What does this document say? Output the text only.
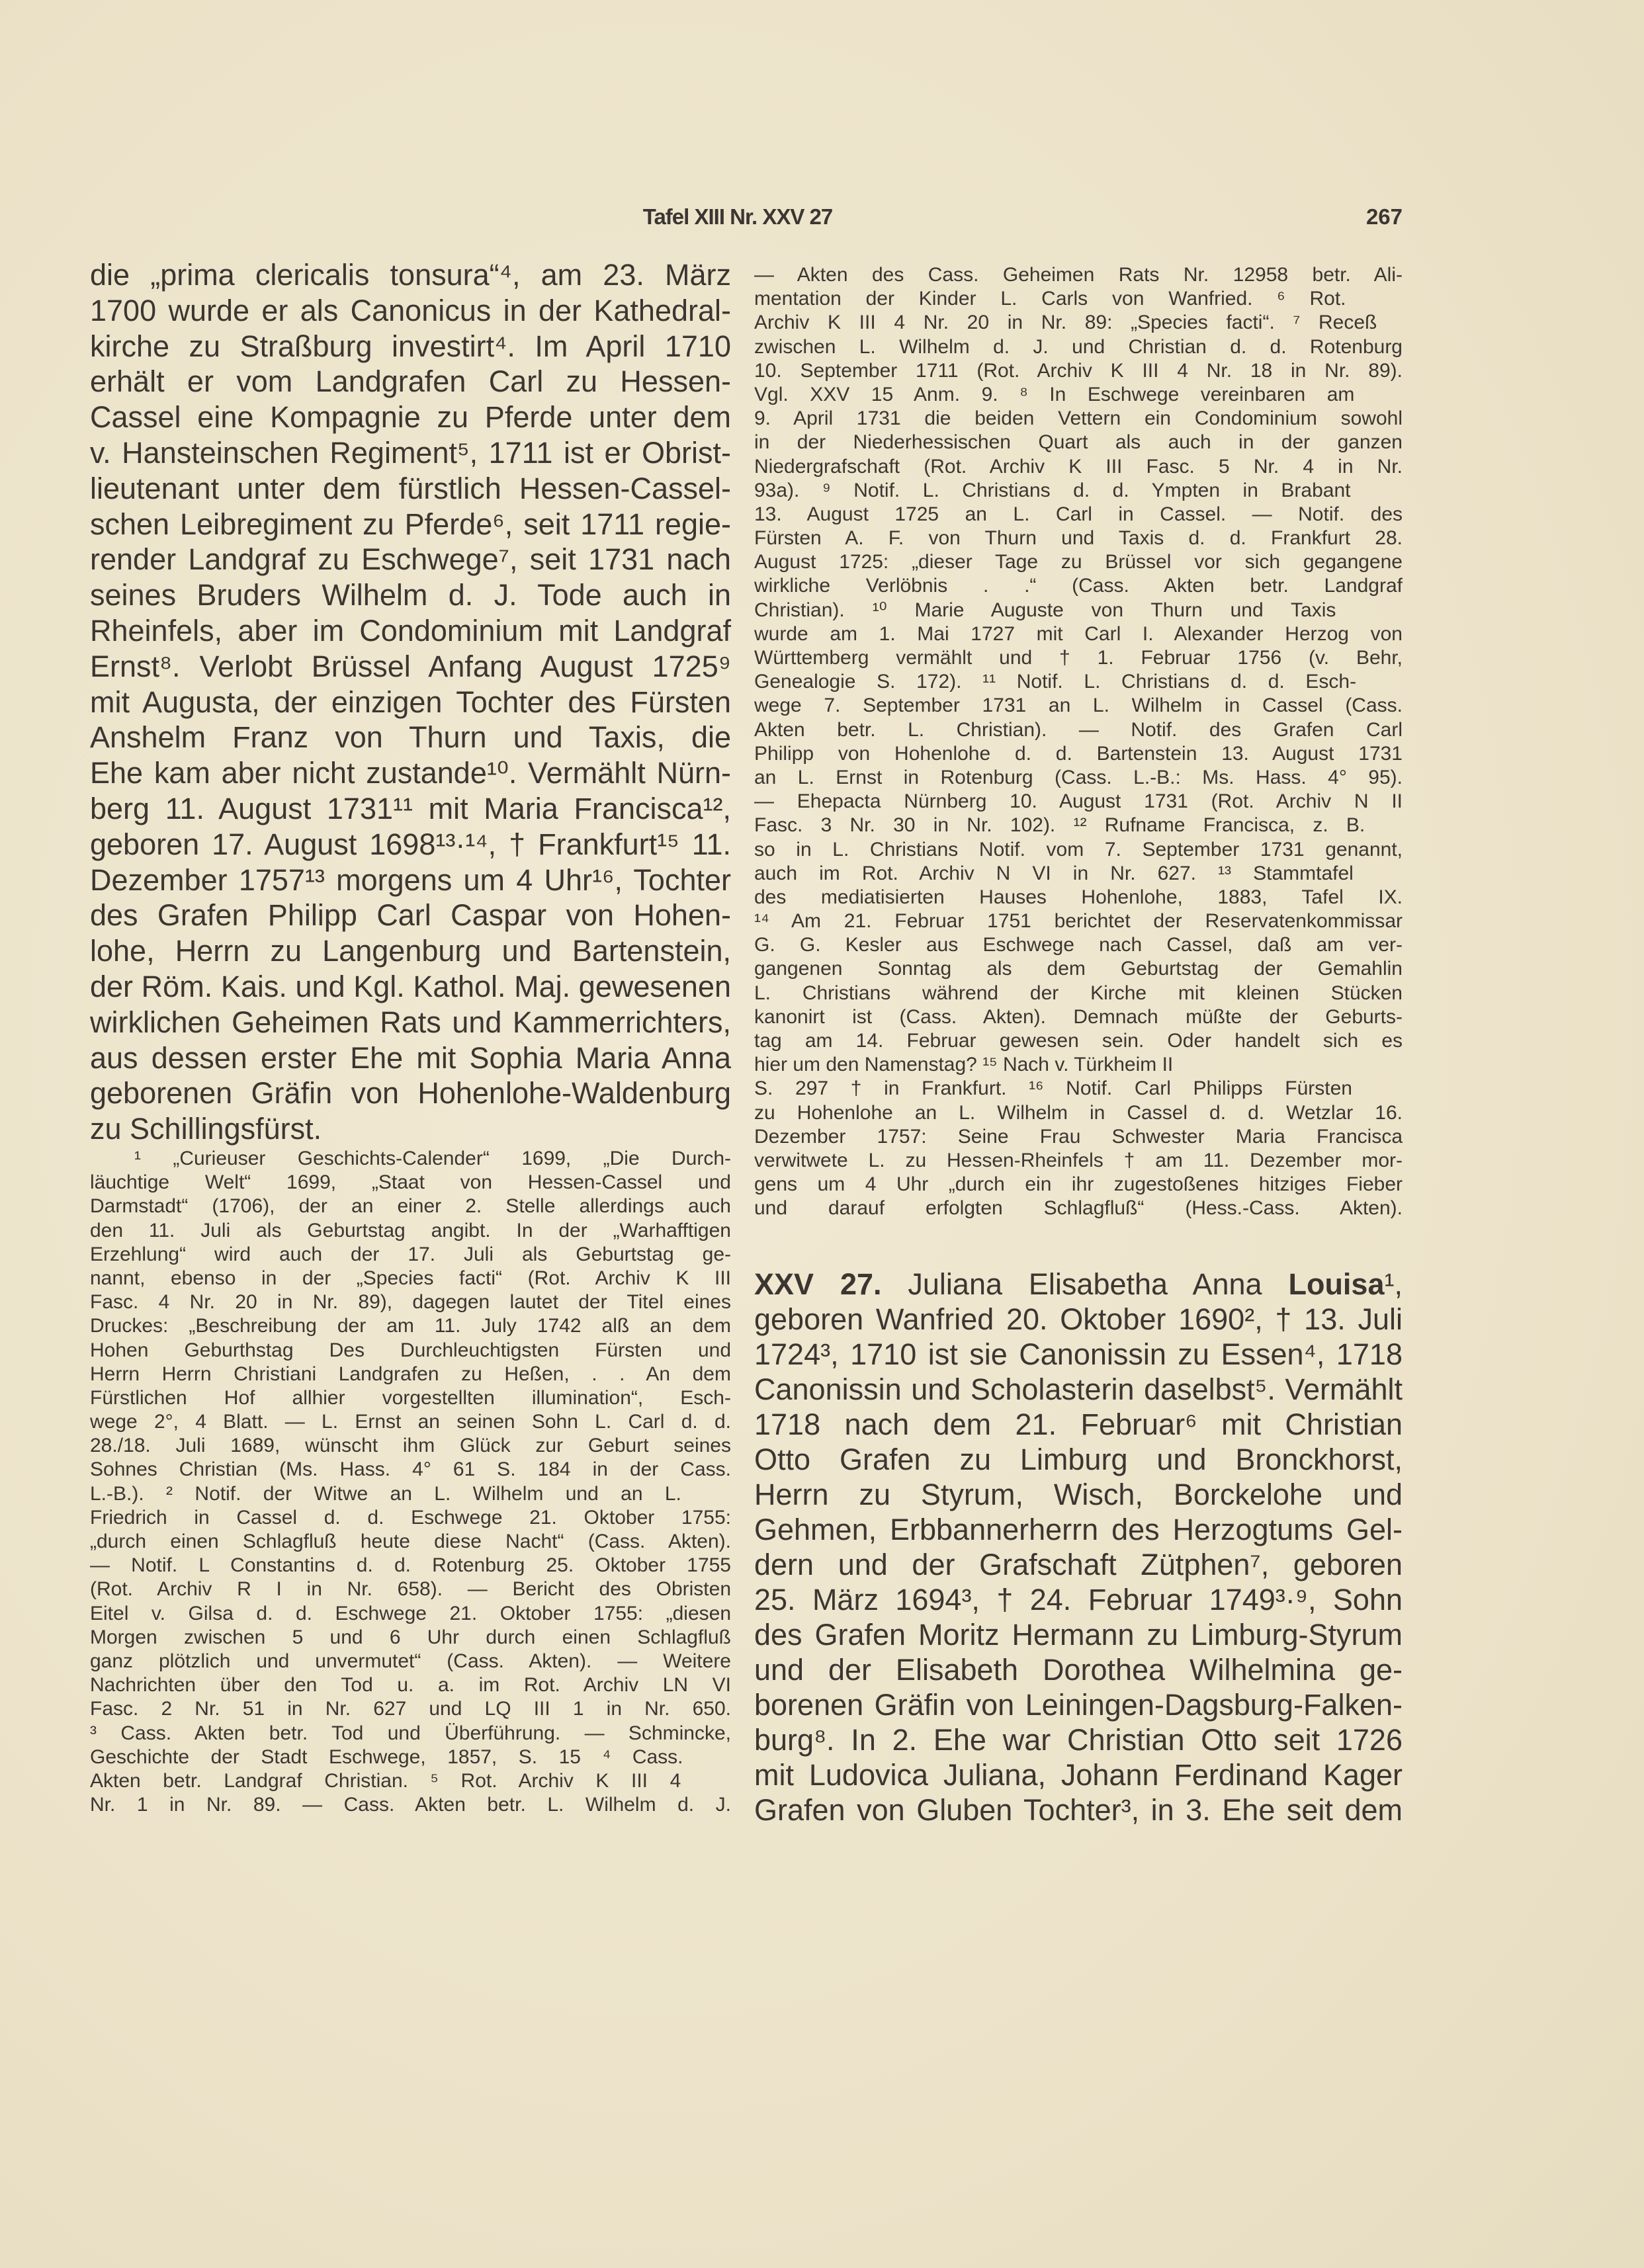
Tafel XIII Nr. XXV 27	267
die „prima clericalis tonsura“⁴, am 23. März
1700 wurde er als Canonicus in der Kathedral-
kirche zu Straßburg investirt⁴. Im April 1710
erhält er vom Landgrafen Carl zu Hessen-
Cassel eine Kompagnie zu Pferde unter dem
v. Hansteinschen Regiment⁵, 1711 ist er Obrist-
lieutenant unter dem fürstlich Hessen-Cassel-
schen Leibregiment zu Pferde⁶, seit 1711 regie-
render Landgraf zu Eschwege⁷, seit 1731 nach
seines Bruders Wilhelm d. J. Tode auch in
Rheinfels, aber im Condominium mit Landgraf
Ernst⁸. Verlobt Brüssel Anfang August 1725⁹
mit Augusta, der einzigen Tochter des Fürsten
Anshelm Franz von Thurn und Taxis, die
Ehe kam aber nicht zustande¹⁰. Vermählt Nürn-
berg 11. August 1731¹¹ mit Maria Francisca¹²,
geboren 17. August 1698¹³·¹⁴, † Frankfurt¹⁵ 11.
Dezember 1757¹³ morgens um 4 Uhr¹⁶, Tochter
des Grafen Philipp Carl Caspar von Hohen-
lohe, Herrn zu Langenburg und Bartenstein,
der Röm. Kais. und Kgl. Kathol. Maj. gewesenen
wirklichen Geheimen Rats und Kammerrichters,
aus dessen erster Ehe mit Sophia Maria Anna
geborenen Gräfin von Hohenlohe-Waldenburg
zu Schillingsfürst.
¹ „Curieuser Geschichts-Calender“ 1699, „Die Durch-
läuchtige Welt“ 1699, „Staat von Hessen-Cassel und
Darmstadt“ (1706), der an einer 2. Stelle allerdings auch
den 11. Juli als Geburtstag angibt. In der „Warhafftigen
Erzehlung“ wird auch der 17. Juli als Geburtstag ge-
nannt, ebenso in der „Species facti“ (Rot. Archiv K III
Fasc. 4 Nr. 20 in Nr. 89), dagegen lautet der Titel eines
Druckes: „Beschreibung der am 11. July 1742 alß an dem
Hohen Geburthstag Des Durchleuchtigsten Fürsten und
Herrn Herrn Christiani Landgrafen zu Heßen, . . An dem
Fürstlichen Hof allhier vorgestellten illumination“, Esch-
wege 2°, 4 Blatt. — L. Ernst an seinen Sohn L. Carl d. d.
28./18. Juli 1689, wünscht ihm Glück zur Geburt seines
Sohnes Christian (Ms. Hass. 4° 61 S. 184 in der Cass.
L.-B.). ² Notif. der Witwe an L. Wilhelm und an L.
Friedrich in Cassel d. d. Eschwege 21. Oktober 1755:
„durch einen Schlagfluß heute diese Nacht“ (Cass. Akten).
— Notif. L Constantins d. d. Rotenburg 25. Oktober 1755
(Rot. Archiv R I in Nr. 658). — Bericht des Obristen
Eitel v. Gilsa d. d. Eschwege 21. Oktober 1755: „diesen
Morgen zwischen 5 und 6 Uhr durch einen Schlagfluß
ganz plötzlich und unvermutet“ (Cass. Akten). — Weitere
Nachrichten über den Tod u. a. im Rot. Archiv LN VI
Fasc. 2 Nr. 51 in Nr. 627 und LQ III 1 in Nr. 650.
³ Cass. Akten betr. Tod und Überführung. — Schmincke,
Geschichte der Stadt Eschwege, 1857, S. 15 ⁴ Cass.
Akten betr. Landgraf Christian. ⁵ Rot. Archiv K III 4
Nr. 1 in Nr. 89. — Cass. Akten betr. L. Wilhelm d. J.
— Akten des Cass. Geheimen Rats Nr. 12958 betr. Ali-
mentation der Kinder L. Carls von Wanfried. ⁶ Rot.
Archiv K III 4 Nr. 20 in Nr. 89: „Species facti“. ⁷ Receß
zwischen L. Wilhelm d. J. und Christian d. d. Rotenburg
10. September 1711 (Rot. Archiv K III 4 Nr. 18 in Nr. 89).
Vgl. XXV 15 Anm. 9. ⁸ In Eschwege vereinbaren am
9. April 1731 die beiden Vettern ein Condominium sowohl
in der Niederhessischen Quart als auch in der ganzen
Niedergrafschaft (Rot. Archiv K III Fasc. 5 Nr. 4 in Nr.
93a). ⁹ Notif. L. Christians d. d. Ympten in Brabant
13. August 1725 an L. Carl in Cassel. — Notif. des
Fürsten A. F. von Thurn und Taxis d. d. Frankfurt 28.
August 1725: „dieser Tage zu Brüssel vor sich gegangene
wirkliche Verlöbnis . .“ (Cass. Akten betr. Landgraf
Christian). ¹⁰ Marie Auguste von Thurn und Taxis
wurde am 1. Mai 1727 mit Carl I. Alexander Herzog von
Württemberg vermählt und † 1. Februar 1756 (v. Behr,
Genealogie S. 172). ¹¹ Notif. L. Christians d. d. Esch-
wege 7. September 1731 an L. Wilhelm in Cassel (Cass.
Akten betr. L. Christian). — Notif. des Grafen Carl
Philipp von Hohenlohe d. d. Bartenstein 13. August 1731
an L. Ernst in Rotenburg (Cass. L.-B.: Ms. Hass. 4° 95).
— Ehepacta Nürnberg 10. August 1731 (Rot. Archiv N II
Fasc. 3 Nr. 30 in Nr. 102). ¹² Rufname Francisca, z. B.
so in L. Christians Notif. vom 7. September 1731 genannt,
auch im Rot. Archiv N VI in Nr. 627. ¹³ Stammtafel
des mediatisierten Hauses Hohenlohe, 1883, Tafel IX.
¹⁴ Am 21. Februar 1751 berichtet der Reservatenkommissar
G. G. Kesler aus Eschwege nach Cassel, daß am ver-
gangenen Sonntag als dem Geburtstag der Gemahlin
L. Christians während der Kirche mit kleinen Stücken
kanonirt ist (Cass. Akten). Demnach müßte der Geburts-
tag am 14. Februar gewesen sein. Oder handelt sich es
hier um den Namenstag? ¹⁵ Nach v. Türkheim II
S. 297 † in Frankfurt. ¹⁶ Notif. Carl Philipps Fürsten
zu Hohenlohe an L. Wilhelm in Cassel d. d. Wetzlar 16.
Dezember 1757: Seine Frau Schwester Maria Francisca
verwitwete L. zu Hessen-Rheinfels † am 11. Dezember mor-
gens um 4 Uhr „durch ein ihr zugestoßenes hitziges Fieber
und darauf erfolgten Schlagfluß“ (Hess.-Cass. Akten).
XXV 27. Juliana Elisabetha Anna Louisa¹,
geboren Wanfried 20. Oktober 1690², † 13. Juli
1724³, 1710 ist sie Canonissin zu Essen⁴, 1718
Canonissin und Scholasterin daselbst⁵. Vermählt
1718 nach dem 21. Februar⁶ mit Christian
Otto Grafen zu Limburg und Bronckhorst,
Herrn zu Styrum, Wisch, Borckelohe und
Gehmen, Erbbannerherrn des Herzogtums Gel-
dern und der Grafschaft Zütphen⁷, geboren
25. März 1694³, † 24. Februar 1749³·⁹, Sohn
des Grafen Moritz Hermann zu Limburg-Styrum
und der Elisabeth Dorothea Wilhelmina ge-
borenen Gräfin von Leiningen-Dagsburg-Falken-
burg⁸. In 2. Ehe war Christian Otto seit 1726
mit Ludovica Juliana, Johann Ferdinand Kager
Grafen von Gluben Tochter³, in 3. Ehe seit dem
